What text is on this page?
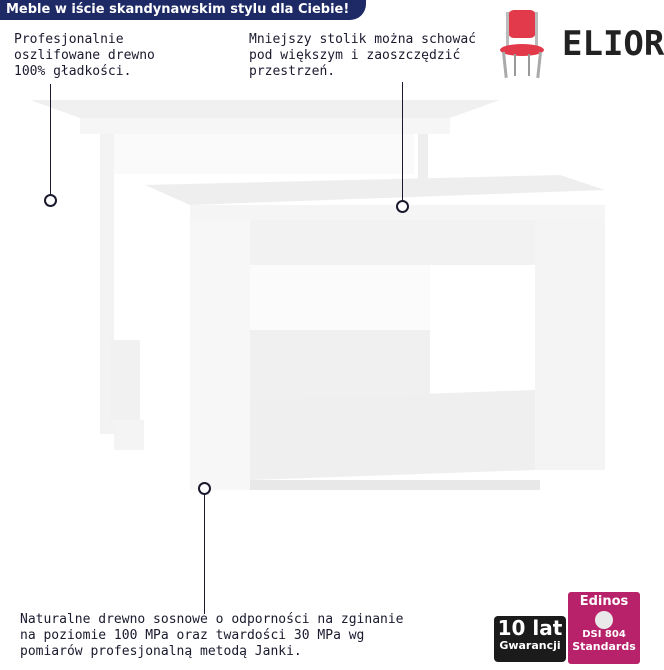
Meble w iście skandynawskim stylu dla Ciebie!
ELIOR
Profesjonalnie
oszlifowane drewno
100% gładkości.
Mniejszy stolik można schować
pod większym i zaoszczędzić
przestrzeń.
Naturalne drewno sosnowe o odporności na zginanie
na poziomie 100 MPa oraz twardości 30 MPa wg
pomiarów profesjonalną metodą Janki.
10 lat
Gwarancji
Edinos
DSI 804
Standards
